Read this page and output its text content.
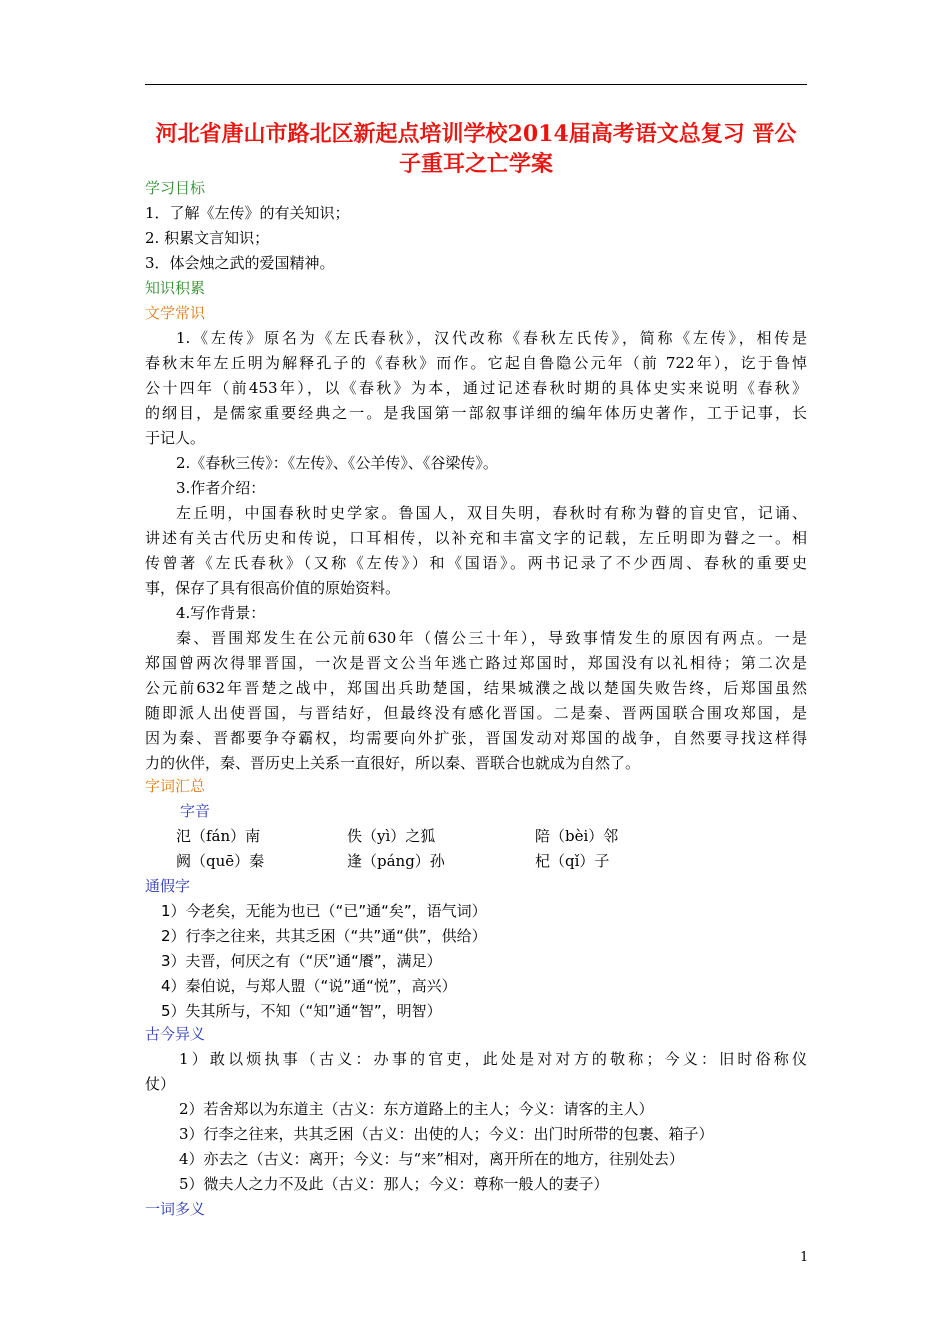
河北省唐山市路北区新起点培训学校2014届高考语文总复习 晋公
子重耳之亡学案
学习目标
1．了解《左传》的有关知识；
2. 积累文言知识；
3．体会烛之武的爱国精神。
知识积累
文学常识
1.《左传》原名为《左氏春秋》，汉代改称《春秋左氏传》，简称《左传》，相传是
春秋末年左丘明为解释孔子的《春秋》而作。它起自鲁隐公元年（前 722年），讫于鲁悼
公十四年（前453年），以《春秋》为本，通过记述春秋时期的具体史实来说明《春秋》
的纲目，是儒家重要经典之一。是我国第一部叙事详细的编年体历史著作，工于记事，长
于记人。
2.《春秋三传》：《左传》、《公羊传》、《谷梁传》。
3.作者介绍：
左丘明，中国春秋时史学家。鲁国人，双目失明，春秋时有称为瞽的盲史官，记诵、
讲述有关古代历史和传说，口耳相传，以补充和丰富文字的记载，左丘明即为瞽之一。相
传曾著《左氏春秋》（又称《左传》）和《国语》。两书记录了不少西周、春秋的重要史
事，保存了具有很高价值的原始资料。
4.写作背景：
秦、晋围郑发生在公元前630年（僖公三十年），导致事情发生的原因有两点。一是
郑国曾两次得罪晋国，一次是晋文公当年逃亡路过郑国时，郑国没有以礼相待；第二次是
公元前632年晋楚之战中，郑国出兵助楚国，结果城濮之战以楚国失败告终，后郑国虽然
随即派人出使晋国，与晋结好，但最终没有感化晋国。二是秦、晋两国联合围攻郑国，是
因为秦、晋都要争夺霸权，均需要向外扩张，晋国发动对郑国的战争，自然要寻找这样得
力的伙伴，秦、晋历史上关系一直很好，所以秦、晋联合也就成为自然了。
字词汇总
字音
氾（fán）南	佚（yì）之狐	陪（bèi）邻
阙（quē）秦	逢（páng）孙	杞（qǐ）子
通假字
1）今老矣，无能为也已（“已”通“矣”，语气词）
2）行李之往来，共其乏困（“共”通“供”，供给）
3）夫晋，何厌之有（“厌”通“餍”，满足）
4）秦伯说，与郑人盟（“说”通“悦”，高兴）
5）失其所与，不知（“知”通“智”，明智）
古今异义
1）敢以烦执事（古义：办事的官吏，此处是对对方的敬称；今义：旧时俗称仪
仗）
2）若舍郑以为东道主（古义：东方道路上的主人；今义：请客的主人）
3）行李之往来，共其乏困（古义：出使的人；今义：出门时所带的包裹、箱子）
4）亦去之（古义：离开；今义：与“来”相对，离开所在的地方，往别处去）
5）微夫人之力不及此（古义：那人；今义：尊称一般人的妻子）
一词多义
1
